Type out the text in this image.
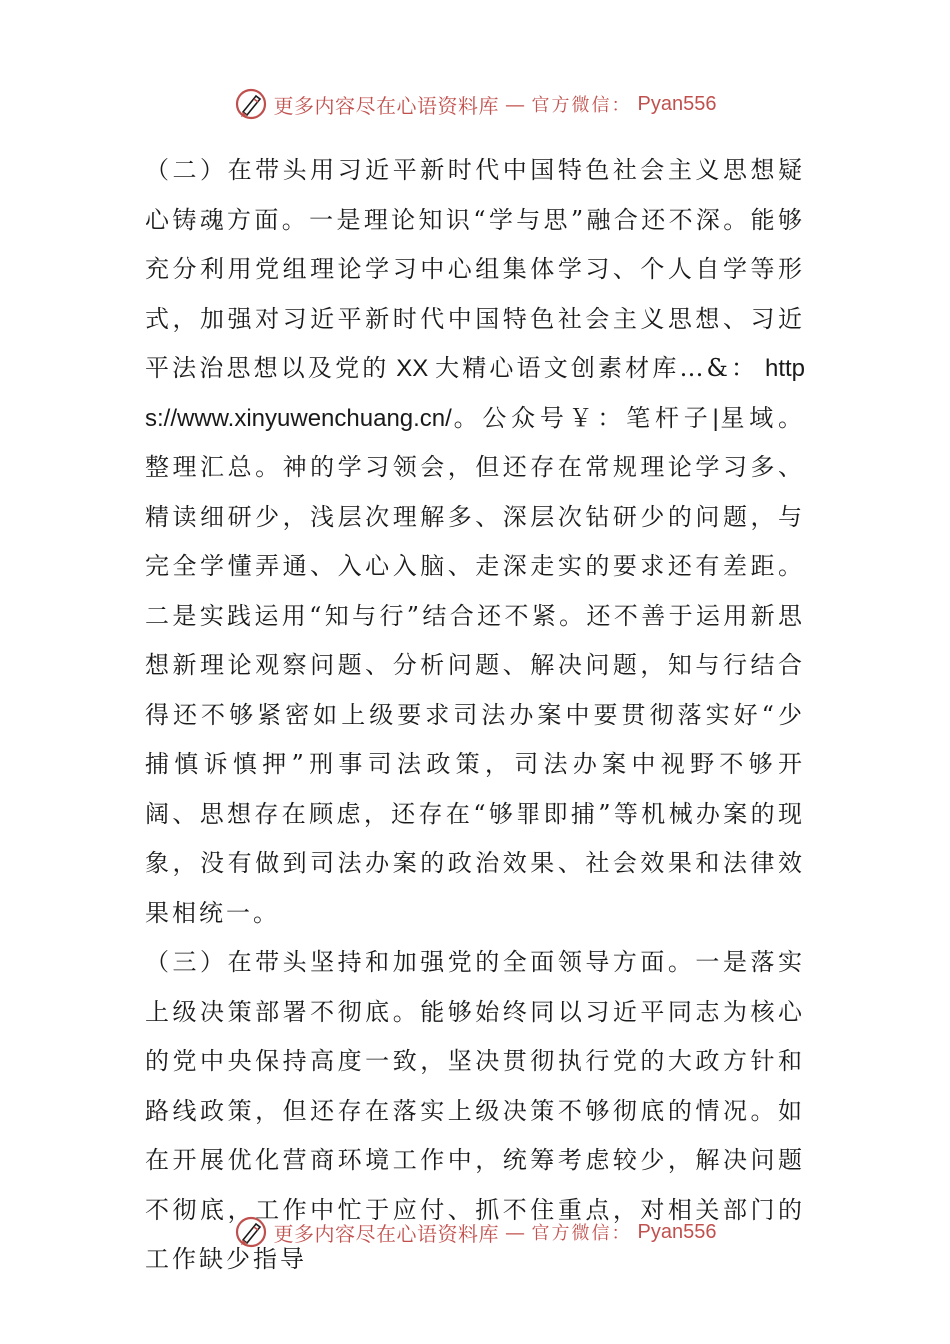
更多内容尽在心语资料库 — 官方微信： Pyan556

（二）在带头用习近平新时代中国特色社会主义思想疑心铸魂方面。一是理论知识“学与思”融合还不深。能够充分利用党组理论学习中心组集体学习、个人自学等形式，加强对习近平新时代中国特色社会主义思想、习近平法治思想以及党的 XX 大精心语文创素材库…&： https://www.xinyuwenchuang.cn/。公众号￥：笔杆子|星域。整理汇总。神的学习领会，但还存在常规理论学习多、精读细研少，浅层次理解多、深层次钻研少的问题，与完全学懂弄通、入心入脑、走深走实的要求还有差距。二是实践运用“知与行”结合还不紧。还不善于运用新思想新理论观察问题、分析问题、解决问题，知与行结合得还不够紧密如上级要求司法办案中要贯彻落实好“少捕慎诉慎押”刑事司法政策，司法办案中视野不够开阔、思想存在顾虑，还存在“够罪即捕”等机械办案的现象，没有做到司法办案的政治效果、社会效果和法律效果相统一。

（三）在带头坚持和加强党的全面领导方面。一是落实上级决策部署不彻底。能够始终同以习近平同志为核心的党中央保持高度一致，坚决贯彻执行党的大政方针和路线政策，但还存在落实上级决策不够彻底的情况。如在开展优化营商环境工作中，统筹考虑较少，解决问题不彻底，工作中忙于应付、抓不住重点，对相关部门的工作缺少指导

更多内容尽在心语资料库 — 官方微信： Pyan556
